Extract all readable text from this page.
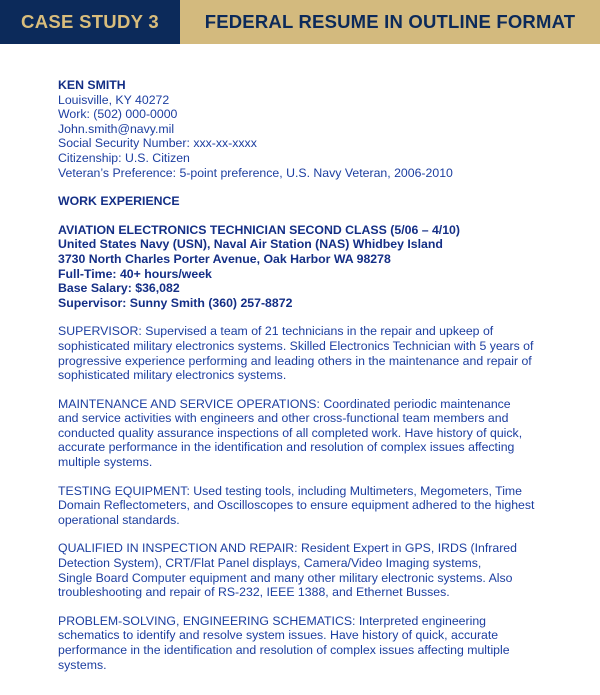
CASE STUDY 3 FEDERAL RESUME IN OUTLINE FORMAT
KEN SMITH
Louisville, KY 40272
Work: (502) 000-0000
John.smith@navy.mil
Social Security Number: xxx-xx-xxxx
Citizenship: U.S. Citizen
Veteran’s Preference: 5-point preference, U.S. Navy Veteran, 2006-2010
WORK EXPERIENCE
AVIATION ELECTRONICS TECHNICIAN SECOND CLASS (5/06 – 4/10)
United States Navy (USN), Naval Air Station (NAS) Whidbey Island
3730 North Charles Porter Avenue, Oak Harbor WA 98278
Full-Time: 40+ hours/week
Base Salary: $36,082
Supervisor: Sunny Smith (360) 257-8872
SUPERVISOR: Supervised a team of 21 technicians in the repair and upkeep of
sophisticated military electronics systems. Skilled Electronics Technician with 5 years of
progressive experience performing and leading others in the maintenance and repair of
sophisticated military electronics systems.
MAINTENANCE AND SERVICE OPERATIONS: Coordinated periodic maintenance
and service activities with engineers and other cross-functional team members and
conducted quality assurance inspections of all completed work. Have history of quick,
accurate performance in the identification and resolution of complex issues affecting
multiple systems.
TESTING EQUIPMENT: Used testing tools, including Multimeters, Megometers, Time
Domain Reflectometers, and Oscilloscopes to ensure equipment adhered to the highest
operational standards.
QUALIFIED IN INSPECTION AND REPAIR: Resident Expert in GPS, IRDS (Infrared
Detection System), CRT/Flat Panel displays, Camera/Video Imaging systems,
Single Board Computer equipment and many other military electronic systems. Also
troubleshooting and repair of RS-232, IEEE 1388, and Ethernet Busses.
PROBLEM-SOLVING, ENGINEERING SCHEMATICS: Interpreted engineering
schematics to identify and resolve system issues. Have history of quick, accurate
performance in the identification and resolution of complex issues affecting multiple
systems.
